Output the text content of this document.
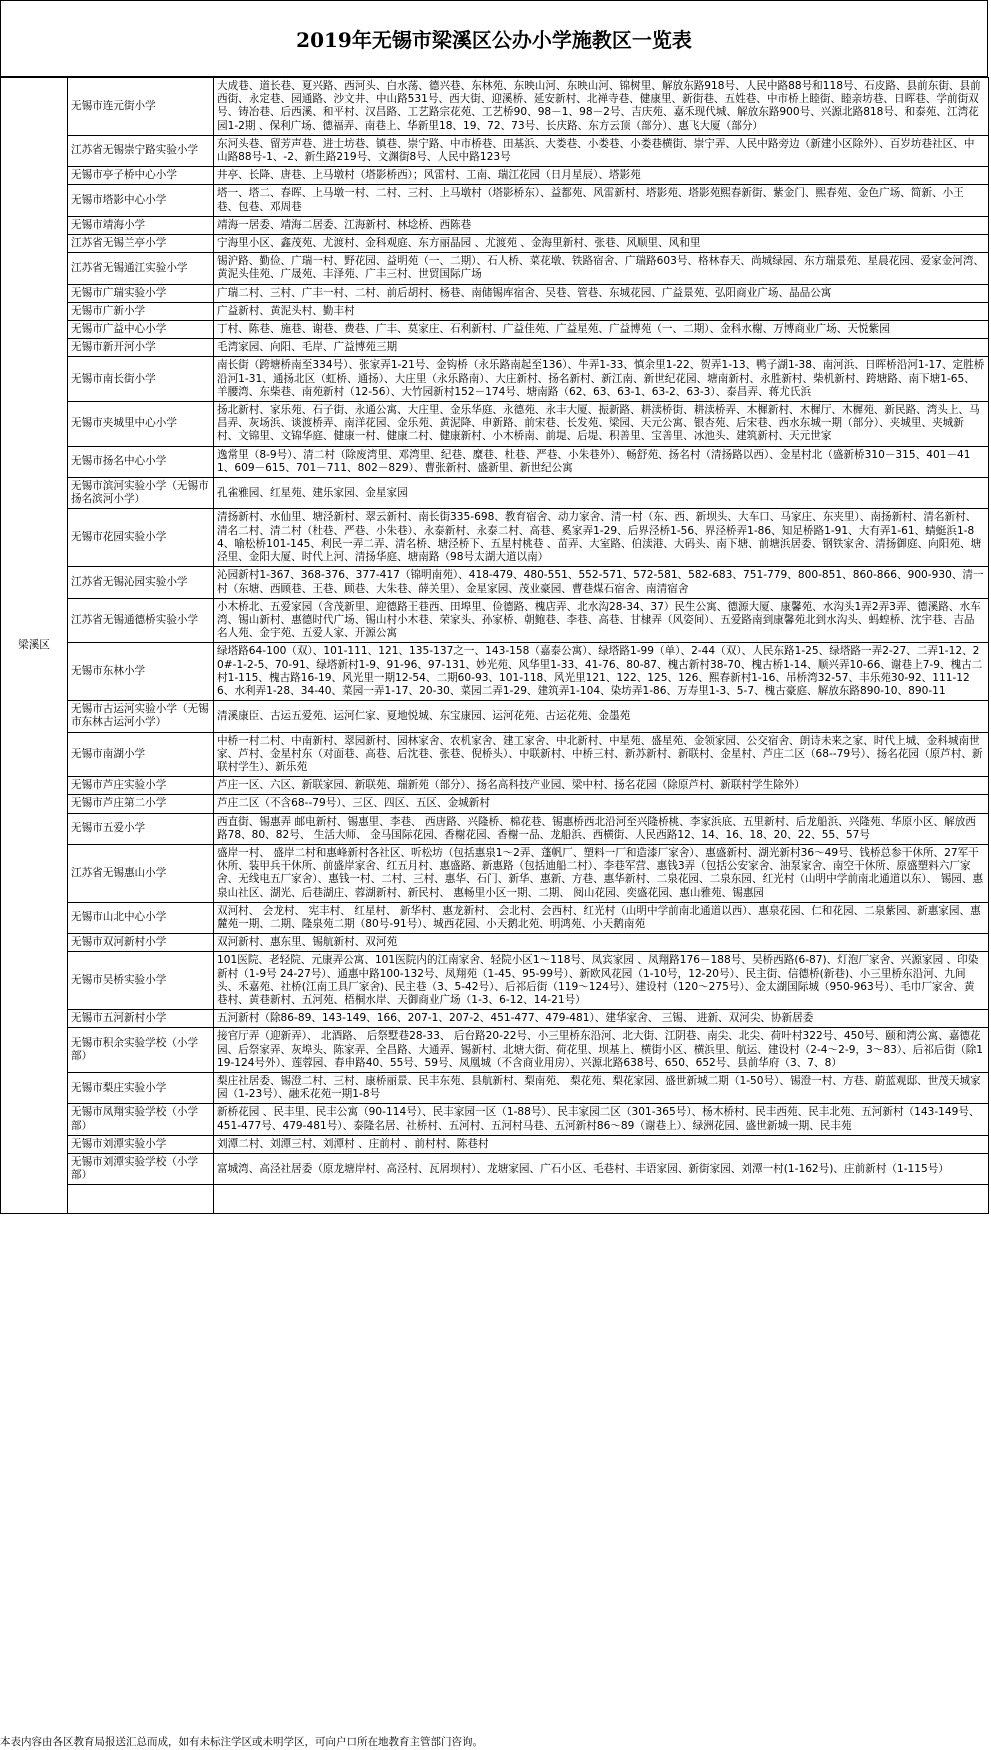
2019年无锡市梁溪区公办小学施教区一览表
梁溪区	无锡市连元街小学	大成巷、道长巷、夏兴路、西河头、白水荡、德兴巷、东林苑、东映山河、东映山河、锦树里、解放东路918号、人民中路88号和118号、石皮路、县前东街、县前西街、永定巷、园通路、沙文井、中山路531号、西大街、迎溪桥、延安新村、北禅寺巷、健康里、新街巷、五姓巷、中市桥上睦街、睦亲坊巷、日晖巷、学前街双号、铸冶巷、后西溪、和平村、汉昌路、工艺路宗花苑、工艺桥90、98－1、98－2号、吉庆苑、嘉禾现代城、解放东路900号、兴源北路818号、和泰苑、江湾花园1-2期 、保利广场、德福弄、南巷上、华新里18、19、72、73号、长庆路、东方云顶（部分）、惠飞大厦（部分）
	江苏省无锡崇宁路实验小学	东河头巷、留芳声巷、进士坊巷、镇巷、崇宁路、中市桥巷、田基浜、大娄巷、小娄巷、小娄巷横街、崇宁弄、人民中路旁边（新建小区除外）、百岁坊巷社区、中山路88号-1、-2、新生路219号、文渊街8号、人民中路123号
	无锡市亭子桥中心小学	井亭、长降、唐巷、上马墩村（塔影桥西）；风雷村、工南、瑞江花园（日月星辰）、塔影苑
	无锡市塔影中心小学	塔一、塔二、春晖、上马墩一村、二村、三村、上马墩村（塔影桥东）、益都苑、风雷新村、塔影苑、塔影苑熙春新街、紫金门、熙春苑、金色广场、简新、小王巷、包巷、邓周巷
	无锡市靖海小学	靖海一居委、靖海二居委、江海新村、林埝桥、西陈巷
	江苏省无锡兰亭小学	宁海里小区、鑫茂苑、尤渡村、金科观庭、东方丽晶园 、尤渡苑 、金海里新村、张巷、风顺里、风和里
	江苏省无锡通江实验小学	锡沪路、勤俭、广瑞一村、野花园、益明苑（一、二期）、石人桥、菜花墩、铁路宿舍、广瑞路603号、格林春天、尚城绿园、东方瑞景苑、星晨花园、爱家金河湾、黄泥头佳苑、广晟苑、丰泽苑、广丰三村、世贸国际广场
	无锡市广瑞实验小学	广瑞二村、三村、广丰一村、二村、前后胡村、杨巷、南储锡库宿舍、吴巷、管巷、东城花园、广益景苑、弘阳商业广场、晶品公寓
	无锡市广新小学	广益新村、黄泥头村、勤丰村
	无锡市广益中心小学	丁村、陈巷、施巷、谢巷、费巷、广丰、莫家庄、石利新村、广益佳苑、广益星苑、广益博苑（一、二期）、金科水榭、万博商业广场、天悦紫园
	无锡市新开河小学	毛湾家园、向阳、毛岸、广益博苑三期
	无锡市南长街小学	南长街（跨塘桥南至334号）、张家弄1-21号、金钩桥（永乐路南起至136）、牛弄1-33、慎余里1-22、贺弄1-13、鸭子湖1-38、南河浜、日晖桥沿河1-17、定胜桥沿河1-31、通扬北区（虹桥、通扬）、大庄里（永乐路南）、大庄新村、扬名新村、新江南、新世纪花园、塘南新村、永胜新村、柴机新村、跨塘路、南下塘1-65、羊腰湾、东柴巷、南苑新村（12-56）、大竹园新村152－174号、塘南路（62、63、63-1、63-2、63-3）、泰昌弄、蒋尤氏浜
	无锡市夹城里中心小学	扬北新村、家乐苑、石子街、永通公寓、大庄里、金乐华庭、永德苑、永丰大厦、振新路、耕渎桥街、耕渎桥弄、木樨新村、木樨厅、木樨苑、新民路、湾头上、马昌弄、灰场浜、谈渡桥弄、南洋花园、金乐苑、黄泥降、申新路、前宋巷、长发苑、梁园、天元公寓、银杏苑、后宋巷、西水东城一期（部分）、夹城里、夹城新村、文锦里、文锦华庭、健康一村、健康二村、健康新村、小木桥南、前堤、后堤、积善里、宝善里、冰池头、建筑新村、天元世家
	无锡市扬名中心小学	逸常里（8-9号）、清二村（除废湾里、邓湾里、纪巷、糜巷、杜巷、严巷、小朱巷外）、畅舒苑、扬名村（清扬路以西）、金星村北（盛新桥310－315、401－411、609－615、701－711、802－829）、曹张新村、盛新里、新世纪公寓
	无锡市滨河实验小学（无锡市扬名滨河小学）	孔雀雅园、红星苑、建乐家园、金星家园
	无锡市花园实验小学	清扬新村、水仙里、塘泾新村、翠云新村、南长街335-698、教育宿舍、动力家舍、清一村（东、西、新坝头、大车口、马家庄、东夹里）、南扬新村、清名新村、清名二村、清二村（杜巷、严巷、小朱巷）、永泰新村、永泰二村、高巷、奚家弄1-29、后界泾桥1-56、界泾桥弄1-86、知足桥路1-91、大有弄1-61、蜻蜓浜1-84、喻松桥101-145、利民一弄二弄、清名桥、塘泾桥下、五星村桃巷 、苗弄、大室路、伯渎港、大码头、南下塘、前塘浜居委、钢铁家舍、清扬御庭、向阳苑、塘泾里、金阳大厦、时代上河、清扬华庭、塘南路（98号太湖大道以南）
	江苏省无锡沁园实验小学	沁园新村1-367、368-376、377-417（锦明南苑）、418-479、480-551、552-571、572-581、582-683、751-779、800-851、860-866、900-930、清一村（东塘、西顾巷、王巷、顾巷、大朱巷、薛关里）、金星家园、茂业豪园、曹巷煤石宿舍、南清宿舍
	江苏省无锡通德桥实验小学	小木桥北、五爱家园（含茂新里、迎德路王巷西、田埠里、俭德路、槐店弄、北水沟28-34、37）民生公寓、德源大厦、康馨苑、水沟头1弄2弄3弄、德溪路、水车湾、锡山新村、惠德时代广场、锡山村小木巷、荣家头、孙家桥、朝鲍巷、李巷、高巷、甘棣弄（风姿间）、五爱路南到康馨苑北到水沟头、蚂蝗桥、沈宇巷、吉品名人苑、金宇苑、五爱人家、开源公寓
	无锡市东林小学	绿塔路64-100（双）、101-111、121、135-137之一、143-158（嘉泰公寓）、绿塔路1-99（单）、2-44（双）、人民东路1-25、绿塔路一弄2-27、二弄1-12、20#-1-2-5、70-91、绿塔新村1-9、91-96、97-131、妙光苑、风华里1-33、41-76、80-87、槐古新村38-70、槐古桥1-14、顺兴弄10-66、谢巷上7-9、槐古二村1-115、槐古路16-19、风光里一期12-54、二期60-93、101-118、风光里121、122、125、126、熙春新村1-16、吊桥湾32-57、丰乐苑30-92、111-126、水利弄1-28、34-40、菜园一弄1-17、20-30、菜园二弄1-29、建筑弄1-104、染坊弄1-86、万寿里1-3、5-7、槐古豪庭、解放东路890-10、890-11
	无锡市古运河实验小学（无锡市东林古运河小学）	清溪康臣、古运五爱苑、运河仁家、夏地悦城、东宝康园、运河花苑、古运花苑、金墨苑
	无锡市南湖小学	中桥一村二村、中南新村、翠园新村、园林家舍、农机家舍、建工家舍、中北新村、中星苑、盛星苑、金领家园、公交宿舍、朗诗未来之家、时代上城、金科城南世家、芦村、金星村东（对面巷、高巷、后沈巷、张巷、倪桥头）、中联新村、中桥三村、新苏新村、新联村、金星村、芦庄二区（68--79号）、扬名花园（原芦村、新联村学生）、新乐苑
	无锡市芦庄实验小学	芦庄一区、六区、新联家园、新联苑、瑞新苑（部分）、扬名高科技产业园、梁中村、扬名花园（除原芦村、新联村学生除外）
	无锡市芦庄第二小学	芦庄二区（不含68--79号）、三区、四区、五区、金城新村
	无锡市五爱小学	西直街、锡惠弄 邮电新村、锡惠里、李巷、 西唐路、兴隆桥、棉花巷、锡惠桥西北沿河至兴隆桥桃、李家浜底、五里新村、后龙船浜、兴隆苑、华原小区、解放西路78、80、82号、 生活大师、 金马国际花园、香榭花园、香榭一品、龙船浜、西横街、人民西路12、14、16、18、20、22、55、57号
	江苏省无锡惠山小学	盛岸一村、 盛岸二村和惠峰新村各社区、听松坊（包括惠泉1～2弄、蓬帆厂、塑料一厂和造漆厂家舍）、惠盛新村、湖光新村36～49号、钱桥总参干休所、27军干休所、装甲兵干休所、前盛岸家舍、红五月村、惠盛路、新惠路（包括迪船二村）、李巷军营、惠钱3弄（包括公安家舍、油泵家舍、南空干休所、原盛塑料六厂家舍、无线电五厂家舍）、惠钱一村、二村、三村、惠华、石门、新华、惠新、方巷、惠华新村、二泉花园、二泉东园、红光村（山明中学前南北通道以东）、 锡园、惠泉山社区、湖光、后巷湖庄、蓉湖新村、新民村、 惠畅里小区一期、二期、 阅山花园、奕盛花园、惠山雅苑、锡惠园
	无锡市山北中心小学	双河村、 会龙村、 宪丰村、 红星村、 新华村、惠龙新村、 会北村、会西村、红光村（山明中学前南北通道以西）、惠泉花园、仁和花园、二泉紫园、新惠家园、惠麓苑一期、二期、隆泉苑二期（80号-91号）、城西花园、小天鹅北苑、明鸿苑、小天鹅南苑
	无锡市双河新村小学	双河新村、惠东里、锡航新村、双河苑
	无锡市吴桥实验小学	101医院、老轻院、元康弄公寓、101医院内的江南家舍、轻院小区1～118号、凤宾家园 、凤翔路176－188号、吴桥西路(6-87)、灯泡厂家舍、兴源家园 、印染新村（1-9号 24-27号）、通惠中路100-132号、凤翔苑（1-45、95-99号）、新欧风花园（1-10号，12-20号）、民主街、信德桥(新巷)、小三里桥东沿河、九间头、禾嘉苑、社桥(江南工具厂家舍)、民主巷（3、5-42号）、后祁后街（119～124号）、建设村（120～275号）、金太湖国际城（950-963号）、毛巾厂家舍、黄巷村、黄巷新村、五河苑、梧桐水岸、天御商业广场（1-3、6-12、14-21号）
	无锡市五河新村小学	五河新村（除86-89、143-149、166、207-1、207-2、451-477、479-481）、建华家舍、 三锡、 进新、双河尖、协新居委
	无锡市积余实验学校（小学部）	接官厅弄（迎新弄）、 北酒路、 后祭墅巷28-33、 后台路20-22号、小三里桥东沿河、北大街、江阴巷、南尖、北尖、荷叶村322号、450号、颐和湾公寓、嘉德花园、后祭家弄、灰埠头、陈家弄、全昌路、大通弄、锡新村、北塘大街、荷花里、坝基上、横街小区、横浜里、航运、建设村（2-4～2-9，3～83）、后祁后街（除119-124号外）、莲蓉园、春申路40、55号、59号、凤凰城（不含商业用房）、兴源北路638号、650、652号、县前华府（3、7、8）
	无锡市梨庄实验小学	梨庄社居委、锡澄二村、三村、康桥丽景、民丰东苑、县航新村、梨南苑、 梨花苑、梨花家园、盛世新城二期（1-50号）、锡澄一村、方巷、蔚蓝观邸、世茂天城家园（1-23号）、融禾花苑一期1-8号
	无锡市凤翔实验学校（小学部）	新桥花园 、民丰里、民丰公寓（90-114号）、民丰家园一区（1-88号）、民丰家园二区（301-365号）、杨木桥村、民丰西苑、民丰北苑、五河新村（143-149号、451-477号、479-481号）、泰隆名居、社桥村、五河村、五河村马巷、五河新村86～89（谢巷上）、绿洲花园、盛世新城一期、民丰苑
	无锡市刘潭实验小学	刘潭二村、刘潭三村、刘潭村 、庄前村 、前村村、陈巷村
	无锡市刘潭实验学校（小学部）	富城湾、高泾社居委（原龙塘岸村、高泾村、瓦屑坝村）、龙塘家园、广石小区、毛巷村、丰语家园、新街家园、刘潭一村(1-162号)、庄前新村（1-115号）

本表内容由各区教育局报送汇总而成，如有未标注学区或未明学区，可向户口所在地教育主管部门咨询。
